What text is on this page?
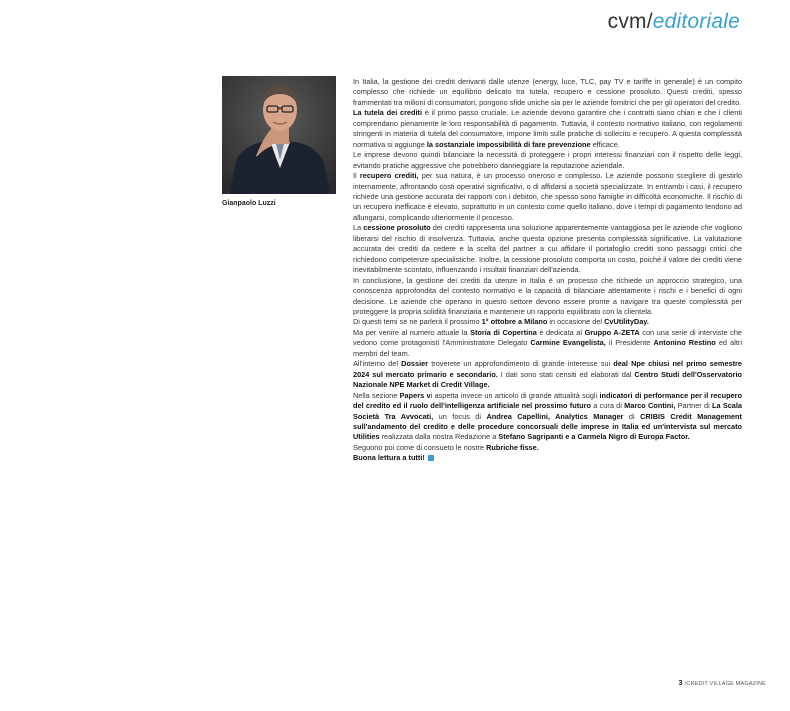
cvm/editoriale
Gianpaolo Luzzi

In Italia, la gestione dei crediti derivanti dalle utenze (energy, luce, TLC, pay TV e tariffe in generale) è un compito complesso che richiede un equilibrio delicato tra tutela, recupero e cessione prosoluto. Questi crediti, spesso frammentati tra milioni di consumatori, pongono sfide uniche sia per le aziende fornitrici che per gli operatori del credito.

La tutela dei crediti è il primo passo cruciale. Le aziende devono garantire che i contratti siano chiari e che i clienti comprendano pienamente le loro responsabilità di pagamento. Tuttavia, il contesto normativo italiano, con regolamenti stringenti in materia di tutela del consumatore, impone limiti sulle pratiche di sollecito e recupero. A questa complessità normativa si aggiunge la sostanziale impossibilità di fare prevenzione efficace.

Le imprese devono quindi bilanciare la necessità di proteggere i propri interessi finanziari con il rispetto delle leggi, evitando pratiche aggressive che potrebbero danneggiare la reputazione aziendale.

Il recupero crediti, per sua natura, è un processo oneroso e complesso. Le aziende possono scegliere di gestirlo internamente, affrontando costi operativi significativi, o di affidarsi a società specializzate. In entrambi i casi, il recupero richiede una gestione accurata dei rapporti con i debitori, che spesso sono famiglie in difficoltà economiche. Il rischio di un recupero inefficace è elevato, soprattutto in un contesto come quello italiano, dove i tempi di pagamento tendono ad allungarsi, complicando ulteriormente il processo.

La cessione prosoluto dei crediti rappresenta una soluzione apparentemente vantaggiosa per le aziende che vogliono liberarsi del rischio di insolvenza. Tuttavia, anche questa opzione presenta complessità significative. La valutazione accurata dei crediti da cedere e la scelta del partner a cui affidare il portafoglio crediti sono passaggi critici che richiedono competenze specialistiche. Inoltre, la cessione prosoluto comporta un costo, poiché il valore dei crediti viene inevitabilmente scontato, influenzando i risultati finanziari dell'azienda.

In conclusione, la gestione dei crediti da utenze in Italia è un processo che richiede un approccio strategico, una conoscenza approfondita del contesto normativo e la capacità di bilanciare attentamente i rischi e i benefici di ogni decisione. Le aziende che operano in questo settore devono essere pronte a navigare tra queste complessità per proteggere la propria solidità finanziaria e mantenere un rapporto equilibrato con la clientela.

Di questi temi se ne parlerà il prossimo 1° ottobre a Milano in occasione del CvUtilityDay.

Ma per venire al numero attuale la Storia di Copertina è dedicata al Gruppo A-ZETA con una serie di interviste che vedono come protagonisti l'Amministratore Delegato Carmine Evangelista, il Presidente Antonino Restino ed altri membri del team.

All'interno del Dossier troverete un approfondimento di grande interesse sui deal Npe chiusi nel primo semestre 2024 sul mercato primario e secondario. I dati sono stati censiti ed elaborati dal Centro Studi dell'Osservatorio Nazionale NPE Market di Credit Village.

Nella sezione Papers vi aspetta invece un articolo di grande attualità sugli indicatori di performance per il recupero del credito ed il ruolo dell'intelligenza artificiale nel prossimo futuro a cura di Marco Contini, Partner di La Scala Società Tra Avvocati, un focus di Andrea Capellini, Analytics Manager di CRIBIS Credit Management sull'andamento del credito e delle procedure concorsuali delle imprese in Italia ed un'intervista sul mercato Utilities realizzata dalla nostra Redazione a Stefano Sagripanti e a Carmela Nigro di Europa Factor.

Seguono poi come di consueto le nostre Rubriche fisse.

Buona lettura a tutti!

3 /CREDIT VILLAGE MAGAZINE
